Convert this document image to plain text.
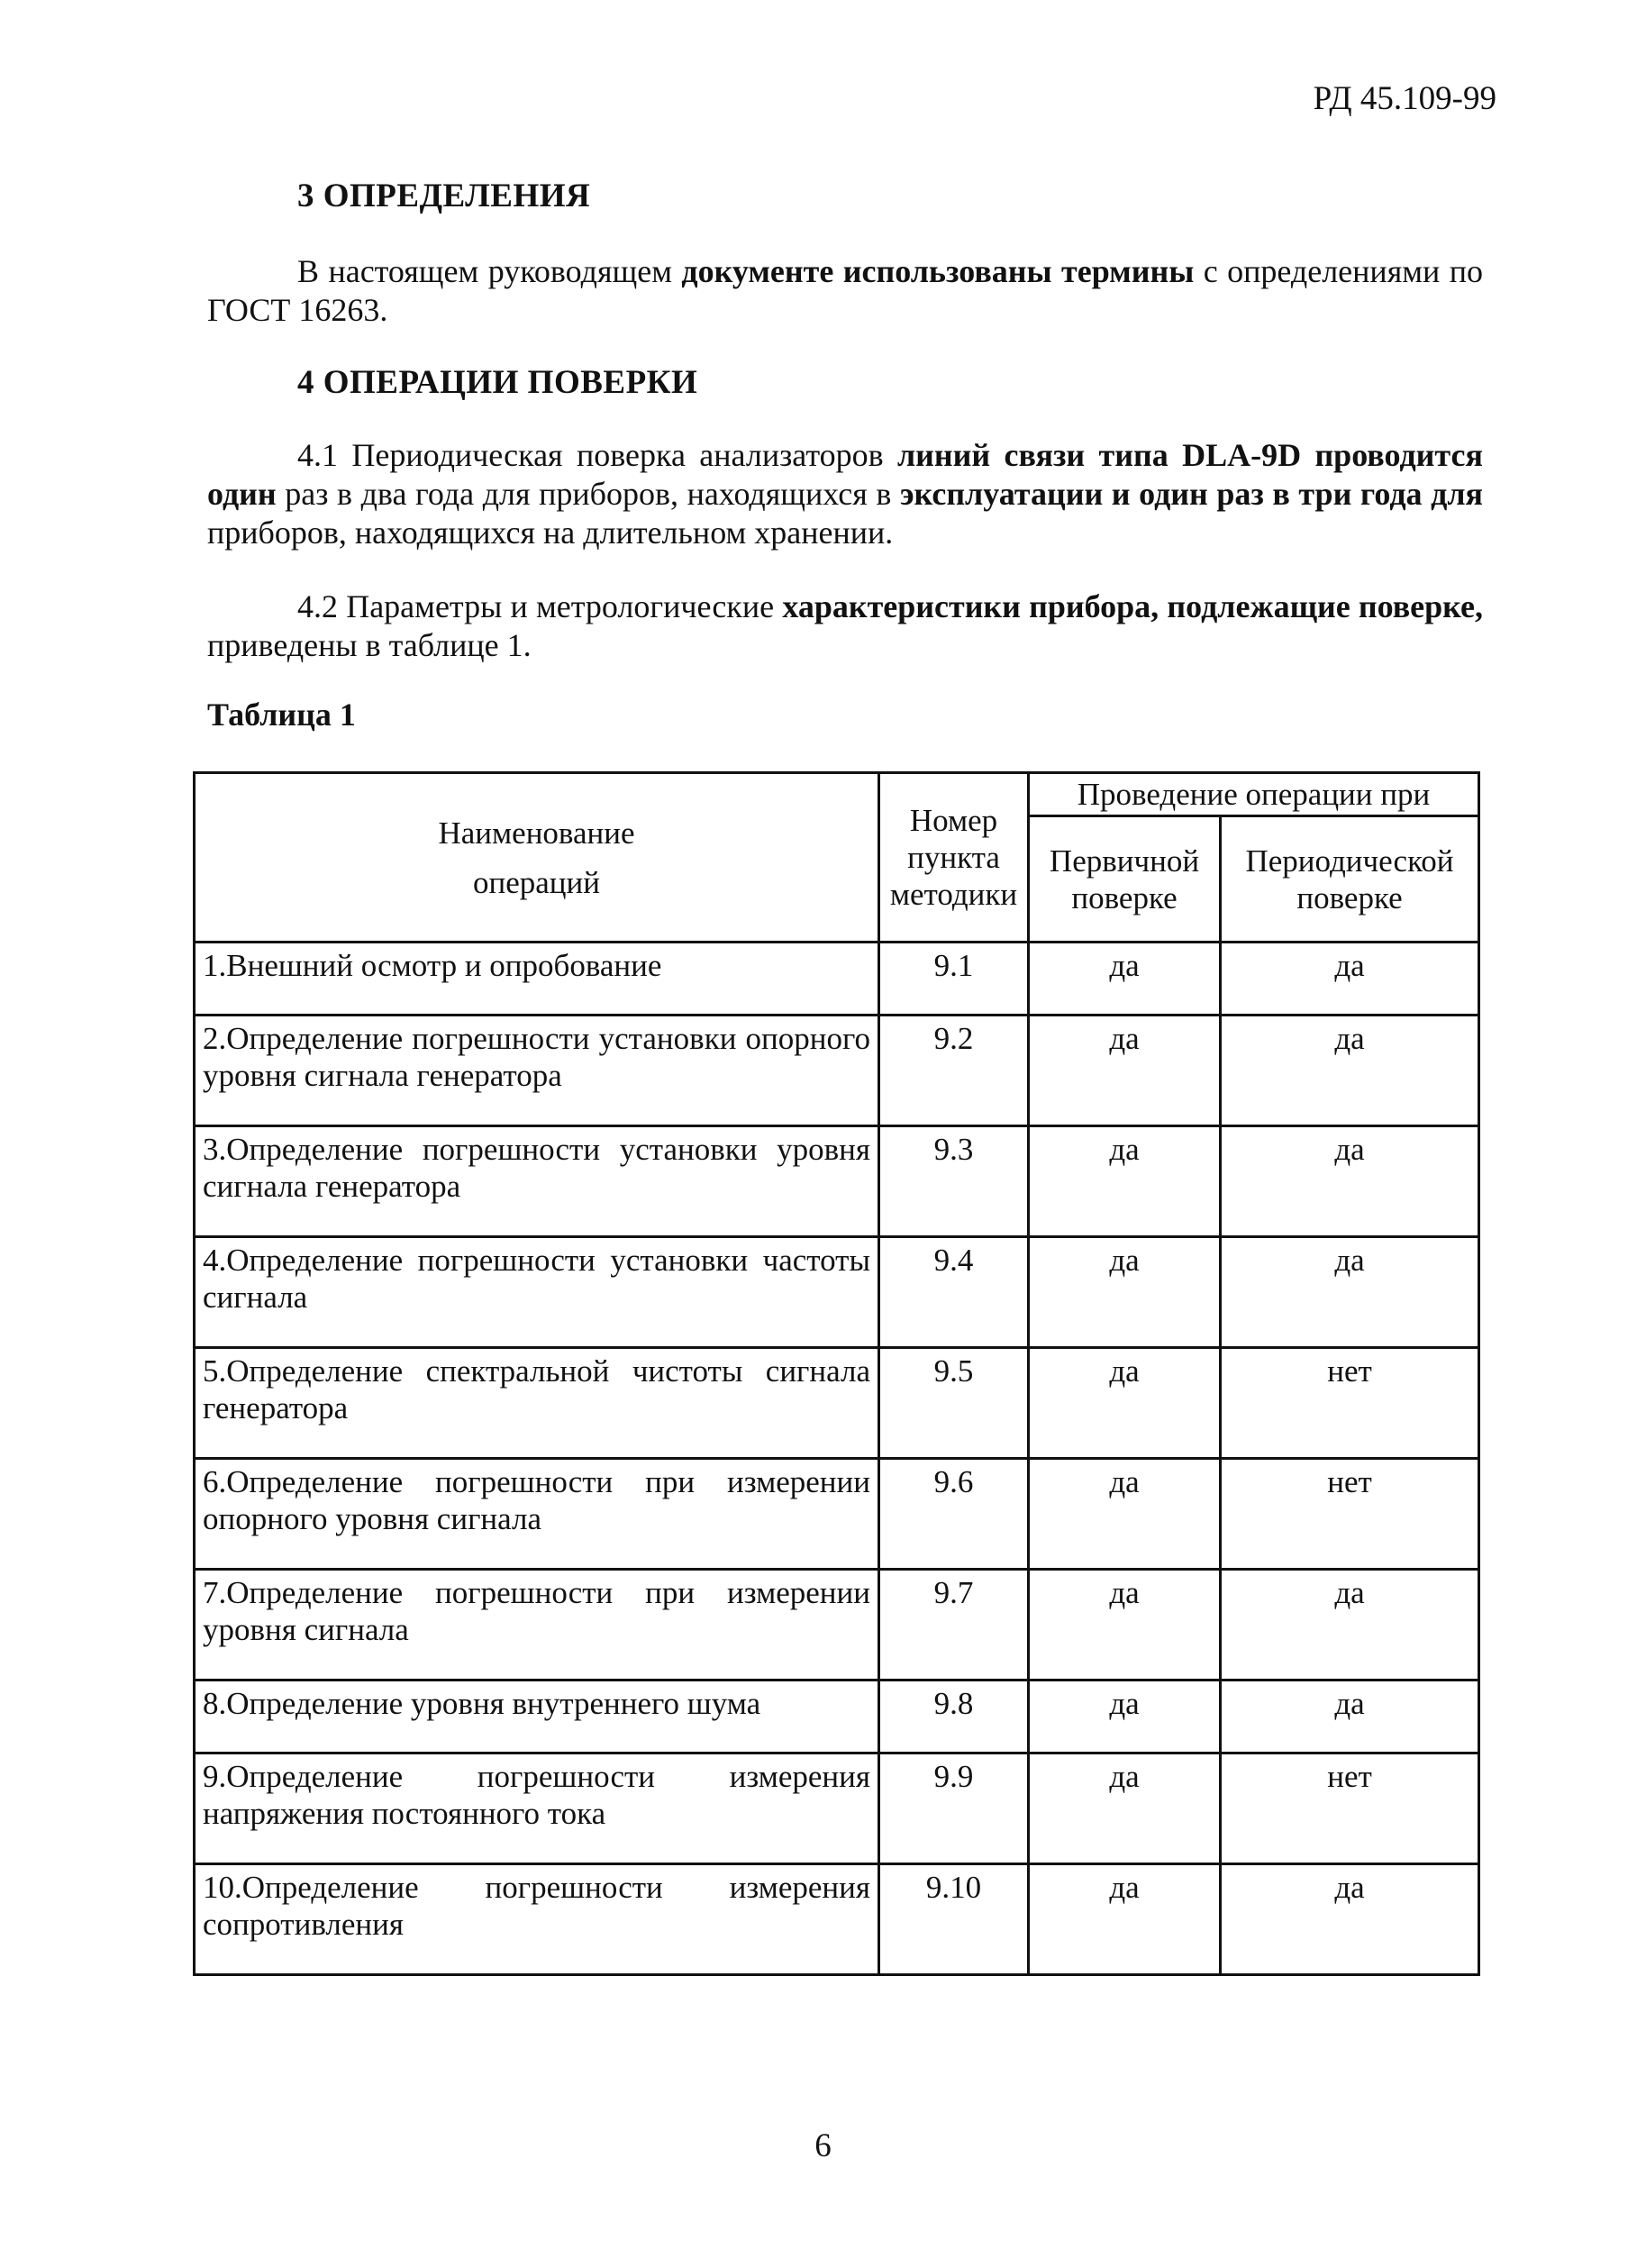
РД 45.109-99
3 ОПРЕДЕЛЕНИЯ

В настоящем руководящем документе использованы термины с определениями по ГОСТ 16263.

4 ОПЕРАЦИИ ПОВЕРКИ

4.1 Периодическая поверка анализаторов линий связи типа DLA-9D проводится один раз в два года для приборов, находящихся в эксплуатации и один раз в три года для приборов, находящихся на длительном хранении.

4.2 Параметры и метрологические характеристики прибора, подлежащие поверке, приведены в таблице 1.

Таблица 1
Наименование
операций	Номер пункта методики	Проведение операции при	
		Первичной поверке	Периодической поверке
1.Внешний осмотр и опробование	9.1	да	да
2.Определение погрешности установки опорного уровня сигнала генератора	9.2	да	да
3.Определение погрешности установки уровня сигнала генератора	9.3	да	да
4.Определение погрешности установки частоты сигнала	9.4	да	да
5.Определение спектральной чистоты сигнала генератора	9.5	да	нет
6.Определение погрешности при измерении опорного уровня сигнала	9.6	да	нет
7.Определение погрешности при измерении уровня сигнала	9.7	да	да
8.Определение уровня внутреннего шума	9.8	да	да
9.Определение погрешности измерения напряжения постоянного тока	9.9	да	нет
10.Определение погрешности измерения сопротивления	9.10	да	да
6
